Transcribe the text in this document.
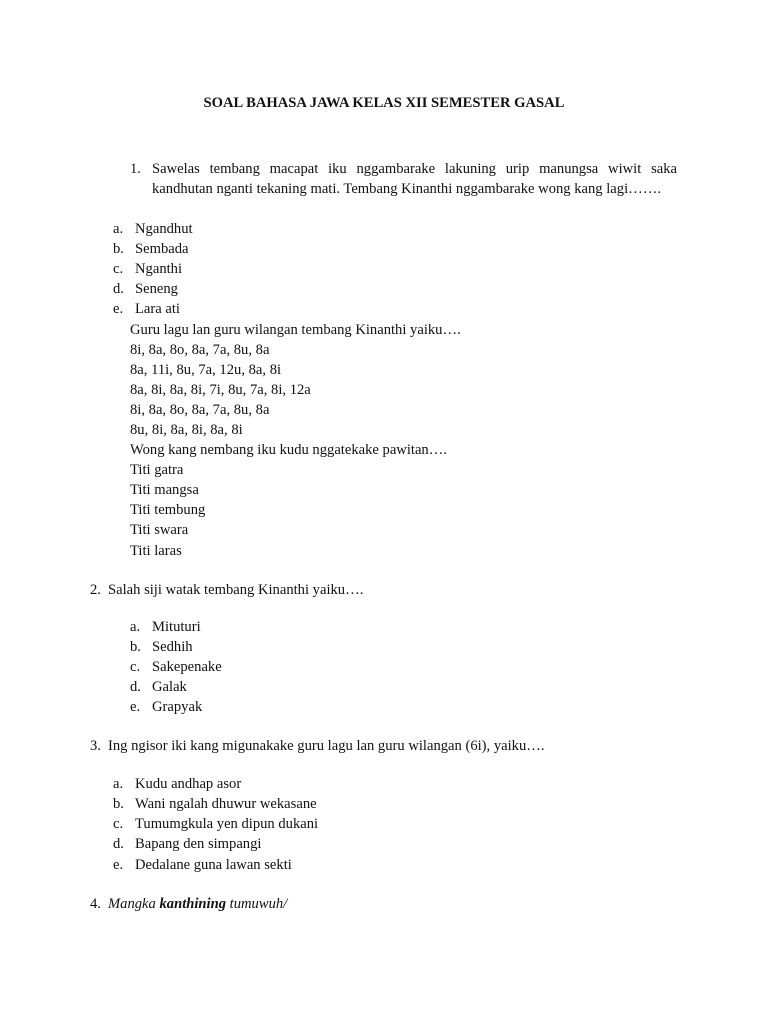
SOAL BAHASA JAWA KELAS XII SEMESTER GASAL
1. Sawelas tembang macapat iku nggambarake lakuning urip manungsa wiwit saka kandhutan nganti tekaning mati. Tembang Kinanthi nggambarake wong kang lagi…….
a. Ngandhut
b. Sembada
c. Nganthi
d. Seneng
e. Lara ati
Guru lagu lan guru wilangan tembang Kinanthi yaiku….
8i, 8a, 8o, 8a, 7a, 8u, 8a
8a, 11i, 8u, 7a, 12u, 8a, 8i
8a, 8i, 8a, 8i, 7i, 8u, 7a, 8i, 12a
8i, 8a, 8o, 8a, 7a, 8u, 8a
8u, 8i, 8a, 8i, 8a, 8i
Wong kang nembang iku kudu nggatekake pawitan….
Titi gatra
Titi mangsa
Titi tembung
Titi swara
Titi laras
2. Salah siji watak tembang Kinanthi yaiku….
a. Mituturi
b. Sedhih
c. Sakepenake
d. Galak
e. Grapyak
3. Ing ngisor iki kang migunakake guru lagu lan guru wilangan (6i), yaiku….
a. Kudu andhap asor
b. Wani ngalah dhuwur wekasane
c. Tumumgkula yen dipun dukani
d. Bapang den simpangi
e. Dedalane guna lawan sekti
4. Mangka kanthining tumuwuh/
